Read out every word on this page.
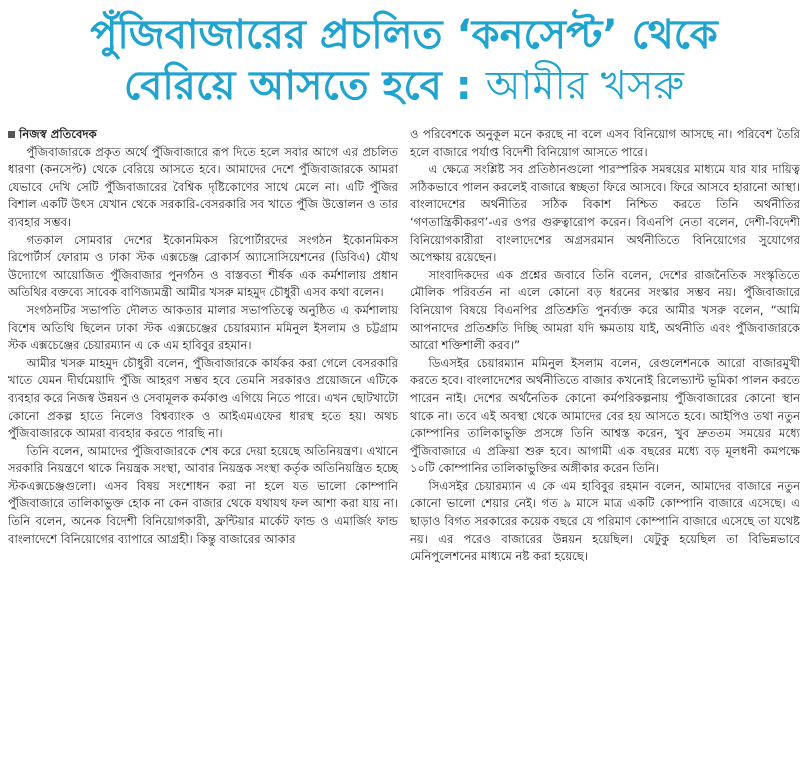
পুঁজিবাজারের প্রচলিত ‘কনসেপ্ট’ থেকে
বেরিয়ে আসতে হবে : আমীর খসরু

নিজস্ব প্রতিবেদক

পুঁজিবাজারকে প্রকৃত অর্থে পুঁজিবাজারে রূপ দিতে হলে সবার আগে এর প্রচলিত ধারণা (কনসেপ্ট) থেকে বেরিয়ে আসতে হবে। আমাদের দেশে পুঁজিবাজারকে আমরা যেভাবে দেখি সেটি পুঁজিবাজারের বৈশ্বিক দৃষ্টিকোণের সাথে মেলে না। এটি পুঁজির বিশাল একটি উৎস যেখান থেকে সরকারি-বেসরকারি সব খাতে পুঁজি উত্তোলন ও তার ব্যবহার সম্ভব।

গতকাল সোমবার দেশের ইকোনমিকস রিপোর্টারদের সংগঠন ইকোনমিকস রিপোর্টার্স ফোরাম ও ঢাকা স্টক এক্সচেঞ্জ ব্রোকার্স অ্যাসোসিয়েশনের (ডিবিএ) যৌথ উদ্যোগে আয়োজিত পুঁজিবাজার পুনর্গঠন ও বাস্তবতা শীর্ষক এক কর্মশালায় প্রধান অতিথির বক্তব্যে সাবেক বাণিজ্যমন্ত্রী আমীর খসরু মাহমুদ চৌধুরী এসব কথা বলেন।

সংগঠনটির সভাপতি দৌলত আকতার মালার সভাপতিত্বে অনুষ্ঠিত এ কর্মশালায় বিশেষ অতিথি ছিলেন ঢাকা স্টক এক্সচেঞ্জের চেয়ারম্যান মমিনুল ইসলাম ও চট্টগ্রাম স্টক এক্সচেঞ্জের চেয়ারম্যান এ কে এম হাবিবুর রহমান।

আমীর খসরু মাহমুদ চৌধুরী বলেন, পুঁজিবাজারকে কার্যকর করা গেলে বেসরকারি খাতে যেমন দীর্ঘমেয়াদি পুঁজি আহরণ সম্ভব হবে তেমনি সরকারও প্রয়োজনে এটিকে ব্যবহার করে নিজস্ব উন্নয়ন ও সেবামূলক কর্মকাণ্ড এগিয়ে নিতে পারে। এখন ছোটখাটো কোনো প্রকল্প হাতে নিলেও বিশ্বব্যাংক ও আইএমএফের ধারস্থ হতে হয়। অথচ পুঁজিবাজারকে আমরা ব্যবহার করতে পারছি না।

তিনি বলেন, আমাদের পুঁজিবাজারকে শেষ করে দেয়া হয়েছে অতিনিয়ন্ত্রণ। এখানে সরকারি নিয়ন্ত্রণে থাকে নিয়ন্ত্রক সংস্থা, আবার নিয়ন্ত্রক সংস্থা কর্তৃক অতিনিয়ন্ত্রিত হচ্ছে স্টকএক্সচেঞ্জগুলো। এসব বিষয় সংশোধন করা না হলে যত ভালো কোম্পানি পুঁজিবাজারে তালিকাভুক্ত হোক না কেন বাজার থেকে যথাযথ ফল আশা করা যায় না। তিনি বলেন, অনেক বিদেশী বিনিয়োগকারী, ফ্রন্টিয়ার মার্কেট ফান্ড ও এমার্জিং ফান্ড বাংলাদেশে বিনিয়োগের ব্যাপারে আগ্রহী। কিন্তু বাজারের আকার

ও পরিবেশকে অনুকূল মনে করছে না বলে এসব বিনিয়োগ আসছে না। পরিবেশ তৈরি হলে বাজারে পর্যাপ্ত বিদেশী বিনিয়োগ আসতে পারে।

এ ক্ষেত্রে সংশ্লিষ্ট সব প্রতিষ্ঠানগুলো পারস্পরিক সমন্বয়ের মাধ্যমে যার যার দায়িত্ব সঠিকভাবে পালন করলেই বাজারে স্বচ্ছতা ফিরে আসবে। ফিরে আসবে হারানো আস্থা। বাংলাদেশের অর্থনীতির সঠিক বিকাশ নিশ্চিত করতে তিনি অর্থনীতির ‘গণতান্ত্রিকীকরণ’-এর ওপর গুরুত্বারোপ করেন। বিএনপি নেতা বলেন, দেশী-বিদেশী বিনিয়োগকারীরা বাংলাদেশের অগ্রসরমান অর্থনীতিতে বিনিয়োগের সুযোগের অপেক্ষায় রয়েছেন।

সাংবাদিকদের এক প্রশ্নের জবাবে তিনি বলেন, দেশের রাজনৈতিক সংস্কৃতিতে মৌলিক পরিবর্তন না এলে কোনো বড় ধরনের সংস্কার সম্ভব নয়। পুঁজিবাজারে বিনিয়োগ বিষয়ে বিএনপির প্রতিশ্রুতি পুনর্ব্যক্ত করে আমীর খসরু বলেন, “আমি আপনাদের প্রতিশ্রুতি দিচ্ছি আমরা যদি ক্ষমতায় যাই, অর্থনীতি এবং পুঁজিবাজারকে আরো শক্তিশালী করব।”

ডিএসইর চেয়ারম্যান মমিনুল ইসলাম বলেন, রেগুলেশনকে আরো বাজারমুখী করতে হবে। বাংলাদেশের অর্থনীতিতে বাজার কখনোই রিলেভ্যান্ট ভূমিকা পালন করতে পারেন নাই। দেশের অর্থনৈতিক কোনো কর্মপরিকল্পনায় পুঁজিবাজারের কোনো স্থান থাকে না। তবে এই অবস্থা থেকে আমাদের বের হয় আসতে হবে। আইপিও তথা নতুন কোম্পানির তালিকাভুক্তি প্রসঙ্গে তিনি আশ্বস্ত করেন, খুব দ্রুততম সময়ের মধ্যে পুঁজিবাজারে এ প্রক্রিয়া শুরু হবে। আগামী এক বছরের মধ্যে বড় মূলধনী কমপক্ষে ১০টি কোম্পানির তালিকাভুক্তির অঙ্গীকার করেন তিনি।

সিএসইর চেয়ারম্যান এ কে এম হাবিবুর রহমান বলেন, আমাদের বাজারে নতুন কোনো ভালো শেয়ার নেই। গত ৯ মাসে মাত্র একটি কোম্পানি বাজারে এসেছে। এ ছাড়াও বিগত সরকারের কয়েক বছরে যে পরিমাণ কোম্পানি বাজারে এসেছে তা যথেষ্ট নয়। এর পরেও বাজারের উন্নয়ন হয়েছিল। যেটুকু হয়েছিল তা বিভিন্নভাবে মেনিপুলেশনের মাধ্যমে নষ্ট করা হয়েছে।
